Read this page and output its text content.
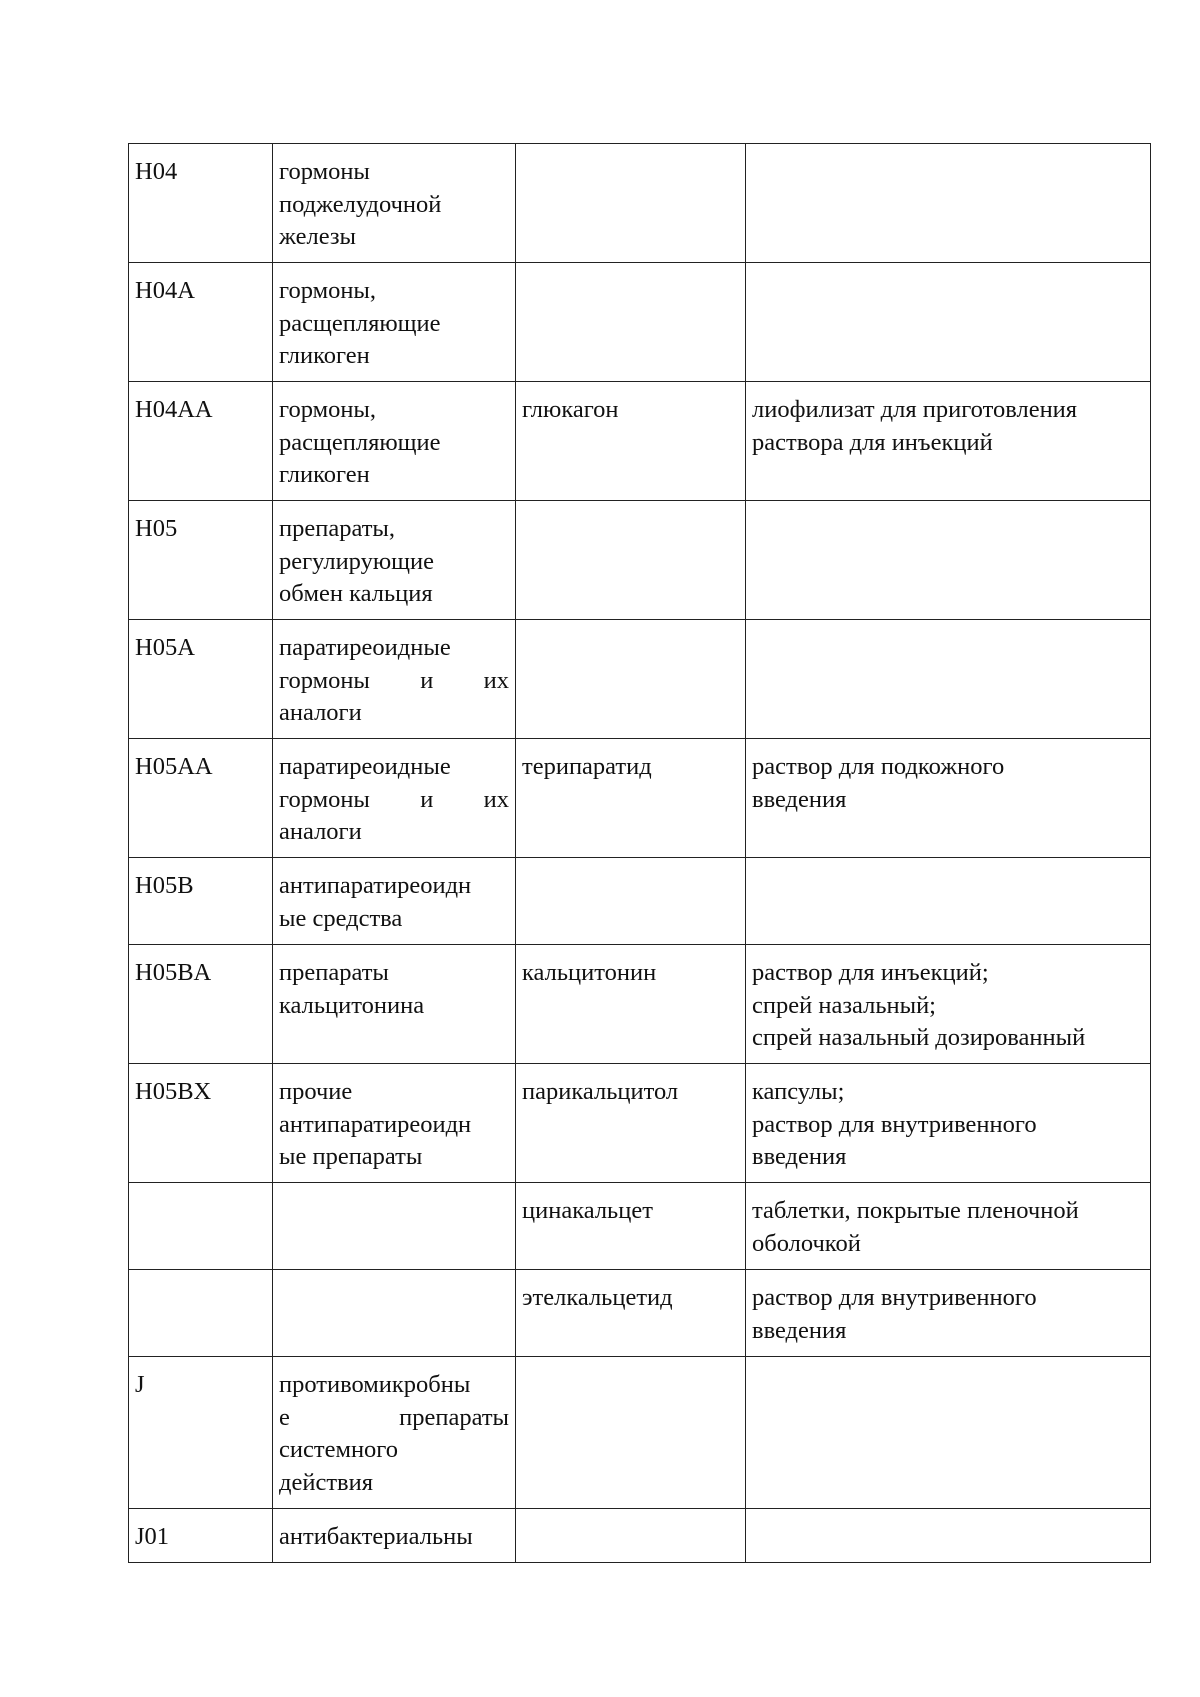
H04	гормоны
поджелудочной
железы		

H04A	гормоны,
расщепляющие
гликоген		

H04AA	гормоны,
расщепляющие
гликоген	глюкагон	лиофилизат для приготовления
раствора для инъекций

H05	препараты,
регулирующие
обмен кальция		

H05A	паратиреоидные
гормоны и их
аналоги		

H05AA	паратиреоидные
гормоны и их
аналоги	терипаратид	раствор для подкожного
введения

H05B	антипаратиреоидн
ые средства		

H05BA	препараты
кальцитонина	кальцитонин	раствор для инъекций;
спрей назальный;
спрей назальный дозированный

H05BX	прочие
антипаратиреоидн
ые препараты	парикальцитол	капсулы;
раствор для внутривенного
введения

		цинакальцет	таблетки, покрытые пленочной
оболочкой

		этелкальцетид	раствор для внутривенного
введения

J	противомикробны
е препараты
системного
действия		

J01	антибактериальны		
